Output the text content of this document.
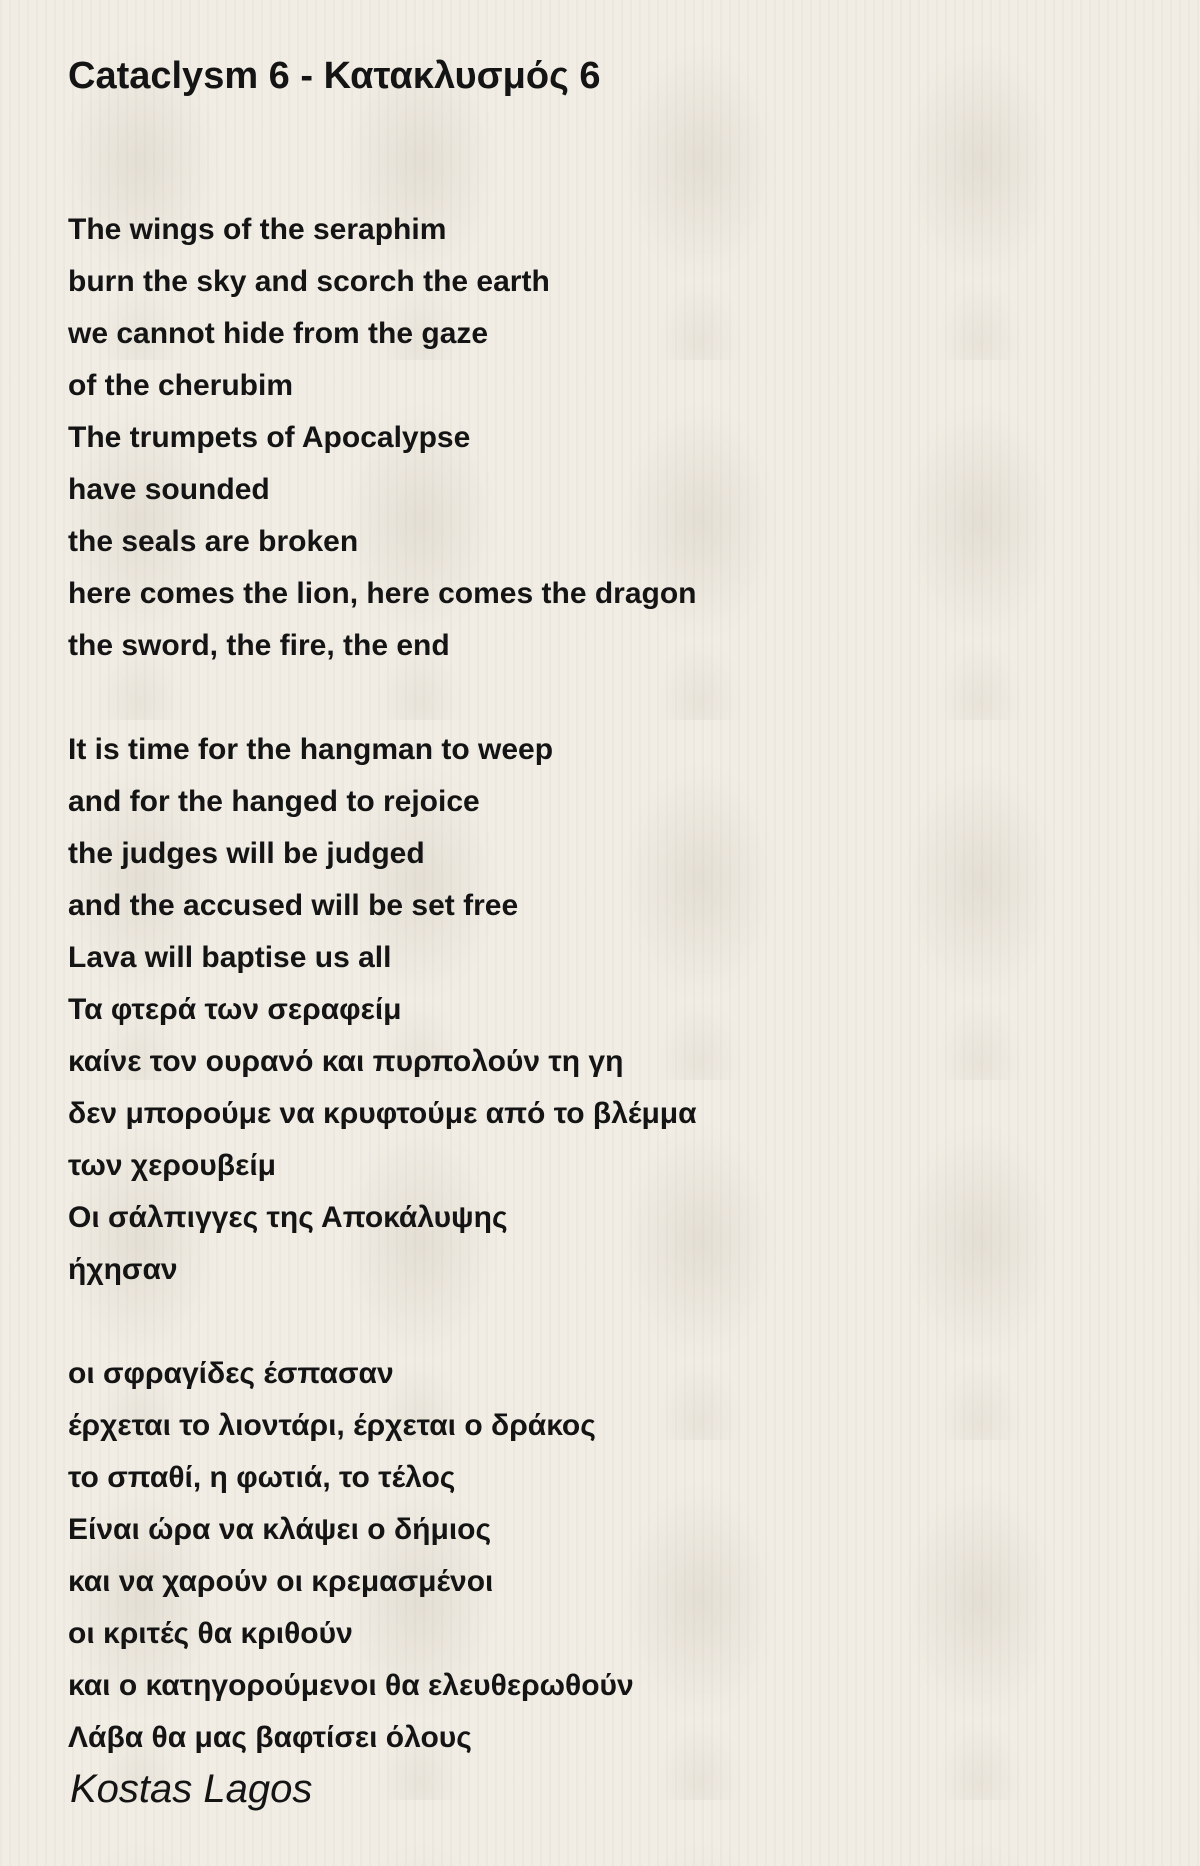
Cataclysm 6 - Κατακλυσμός 6
The wings of the seraphim
burn the sky and scorch the earth
we cannot hide from the gaze
of the cherubim
The trumpets of Apocalypse
have sounded
the seals are broken
here comes the lion, here comes the dragon
the sword, the fire, the end
It is time for the hangman to weep
and for the hanged to rejoice
the judges will be judged
and the accused will be set free
Lava will baptise us all
Τα φτερά των σεραφείμ
καίνε τον ουρανό και πυρπολούν τη γη
δεν μπορούμε να κρυφτούμε από το βλέμμα
των χερουβείμ
Οι σάλπιγγες της Αποκάλυψης
ήχησαν
οι σφραγίδες έσπασαν
έρχεται το λιοντάρι, έρχεται ο δράκος
το σπαθί, η φωτιά, το τέλος
Είναι ώρα να κλάψει ο δήμιος
και να χαρούν οι κρεμασμένοι
οι κριτές θα κριθούν
και ο κατηγορούμενοι θα ελευθερωθούν
Λάβα θα μας βαφτίσει όλους
Kostas Lagos
